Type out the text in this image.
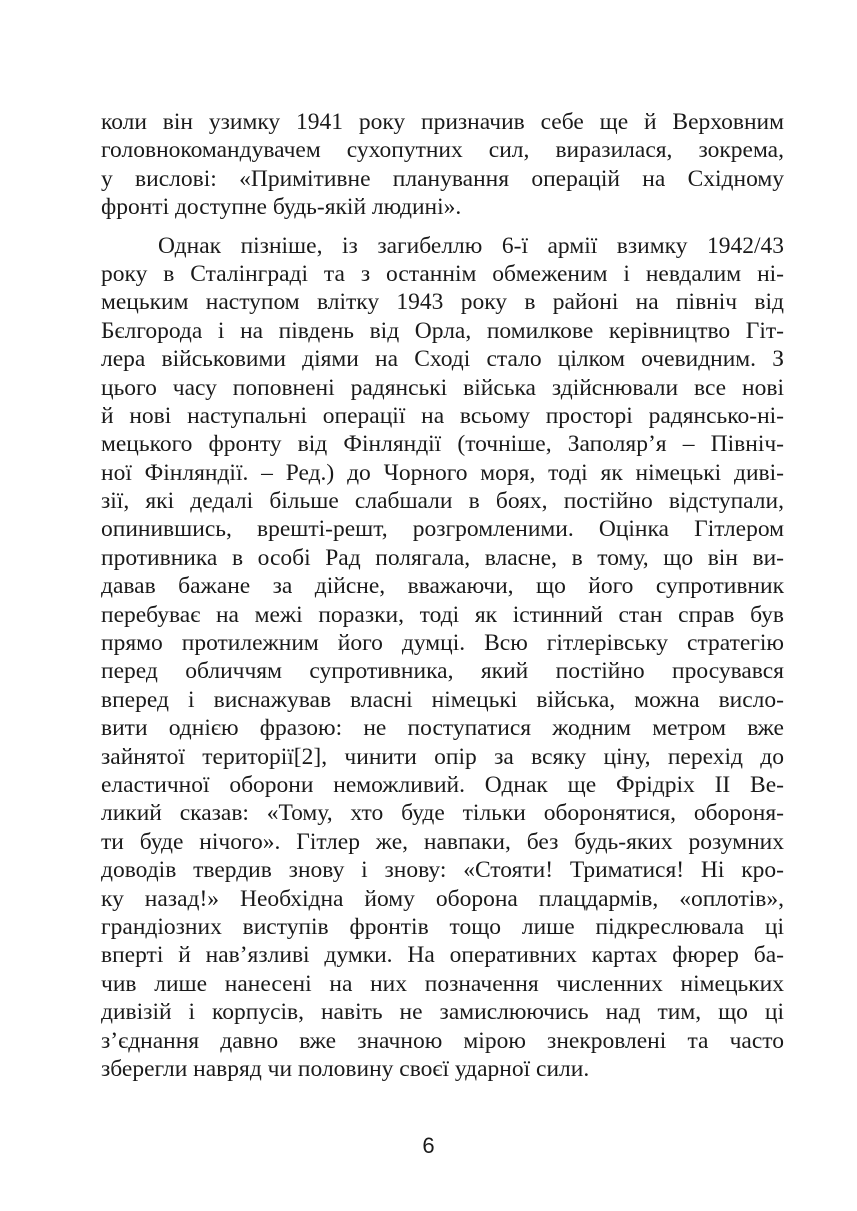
коли він узимку 1941 року призначив себе ще й Верховним
головнокомандувачем сухопутних сил, виразилася, зокрема,
у вислові: «Примітивне планування операцій на Східному
фронті доступне будь-якій людині».
Однак пізніше, із загибеллю 6-ї армії взимку 1942/43
року в Сталінграді та з останнім обмеженим і невдалим ні-
мецьким наступом влітку 1943 року в районі на північ від
Бєлгорода і на південь від Орла, помилкове керівництво Гіт-
лера військовими діями на Сході стало цілком очевидним. З
цього часу поповнені радянські війська здійснювали все нові
й нові наступальні операції на всьому просторі радянсько-ні-
мецького фронту від Фінляндії (точніше, Заполяр’я – Північ-
ної Фінляндії. – Ред.) до Чорного моря, тоді як німецькі диві-
зії, які дедалі більше слабшали в боях, постійно відступали,
опинившись, врешті-решт, розгромленими. Оцінка Гітлером
противника в особі Рад полягала, власне, в тому, що він ви-
давав бажане за дійсне, вважаючи, що його супротивник
перебуває на межі поразки, тоді як істинний стан справ був
прямо протилежним його думці. Всю гітлерівську стратегію
перед обличчям супротивника, який постійно просувався
вперед і виснажував власні німецькі війська, можна вислo-
вити однією фразою: не поступатися жодним метром вже
зайнятої території[2], чинити опір за всяку ціну, перехід до
еластичної оборони неможливий. Однак ще Фрідріх II Ве-
ликий сказав: «Тому, хто буде тільки оборонятися, обороня-
ти буде нічого». Гітлер же, навпаки, без будь-яких розумних
доводів твердив знову і знову: «Стояти! Триматися! Ні кро-
ку назад!» Необхідна йому оборона плацдармів, «оплотів»,
грандіозних виступів фронтів тощо лише підкреслювала ці
вперті й нав’язливі думки. На оперативних картах фюрер ба-
чив лише нанесені на них позначення численних німецьких
дивізій і корпусів, навіть не замислюючись над тим, що ці
з’єднання давно вже значною мірою знекровлені та часто
зберегли навряд чи половину своєї ударної сили.
6
